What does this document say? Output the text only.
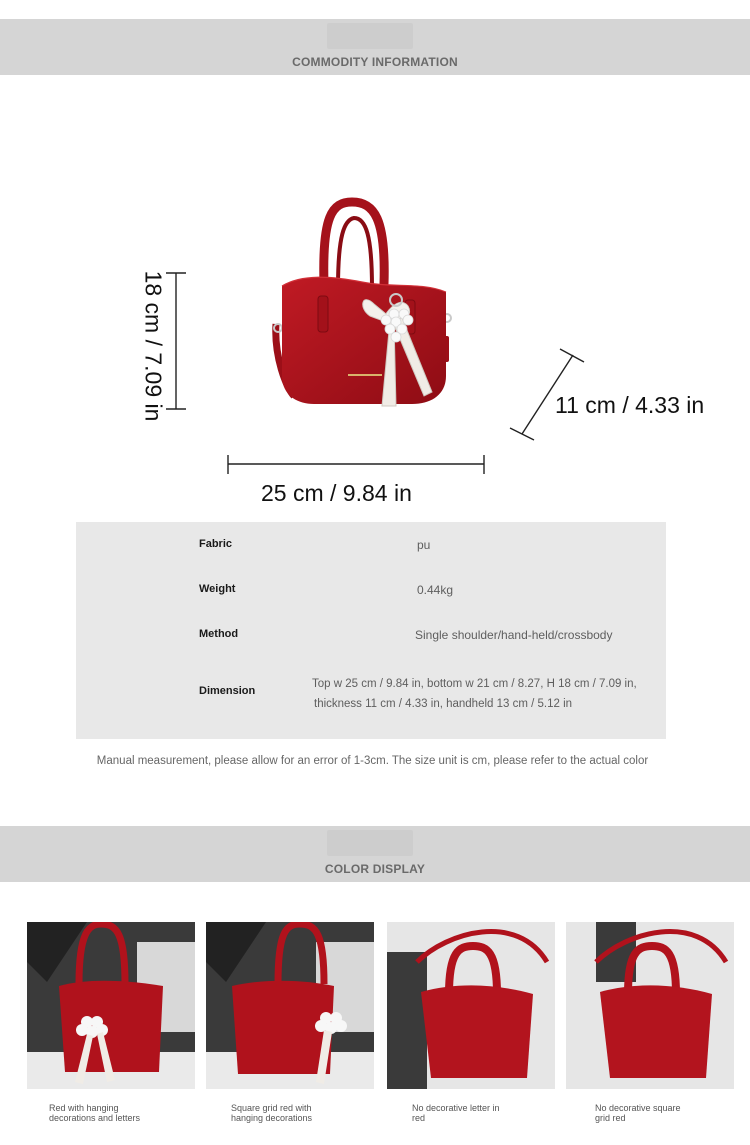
COMMODITY INFORMATION
18 cm / 7.09 in
25 cm / 9.84 in
11 cm / 4.33 in
Fabric	pu
Weight	0.44kg
Method	Single shoulder/hand-held/crossbody
Dimension
Top w 25 cm / 9.84 in, bottom w 21 cm / 8.27, H 18 cm / 7.09 in,
thickness 11 cm / 4.33 in, handheld 13 cm / 5.12 in
Manual measurement, please allow for an error of 1-3cm. The size unit is cm, please refer to the actual color
COLOR DISPLAY
Red with hanging
decorations and letters
Square grid red with
hanging decorations
No decorative letter in
red
No decorative square
grid red
